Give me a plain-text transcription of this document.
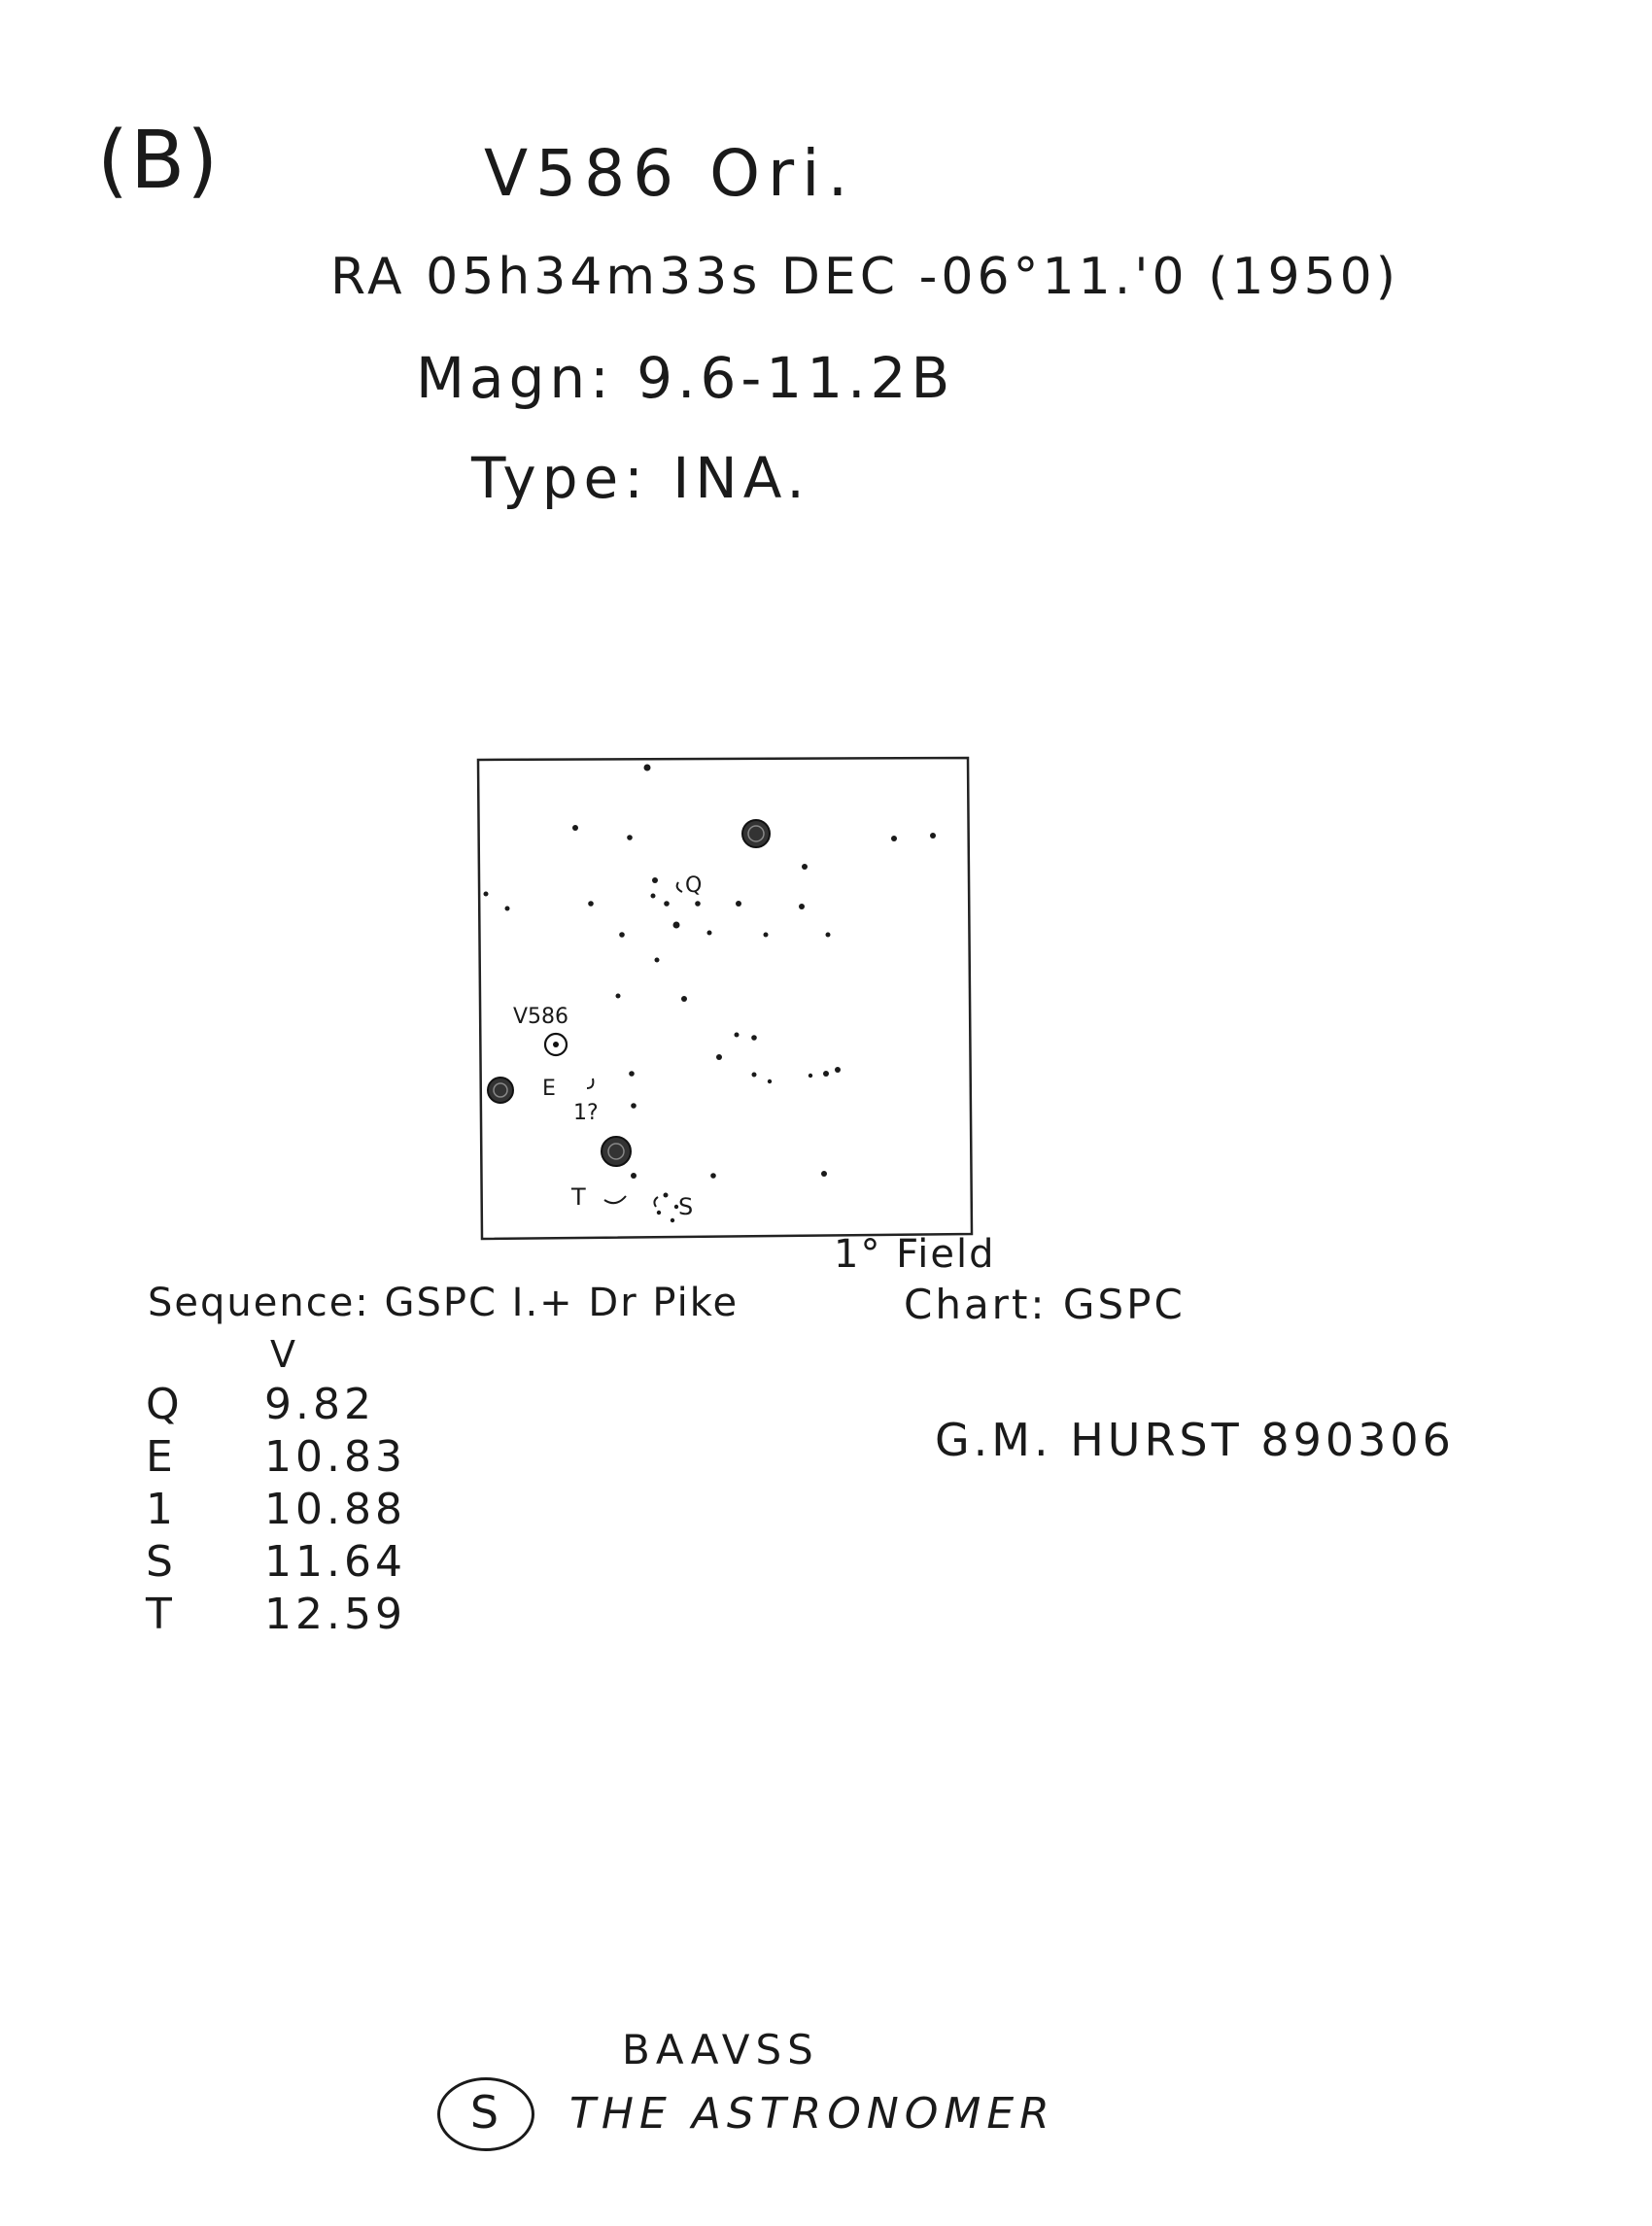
(B)	V586 Ori.
RA 05h34m33s DEC -06°11.'0 (1950)
Magn: 9.6-11.2B
Type: INA.
Q
V586
E
1?
T	S
1° Field
Chart: GSPC
Sequence: GSPC I.+ Dr Pike
V
Q 9.82
E 10.83
1 10.88
S 11.64
T 12.59
G.M. HURST 890306
BAAVSS
S	THE ASTRONOMER
